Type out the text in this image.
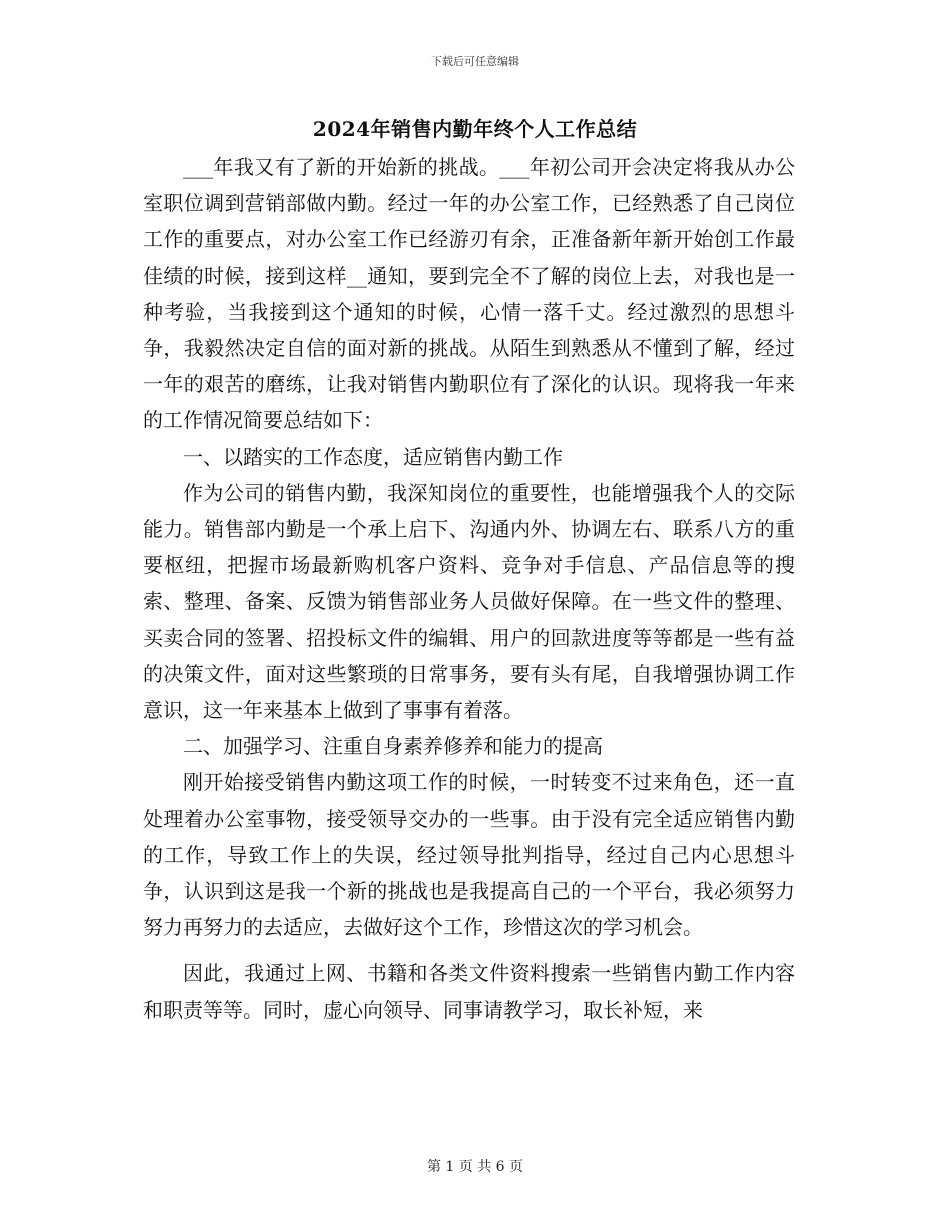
下载后可任意编辑
2024年销售内勤年终个人工作总结

___年我又有了新的开始新的挑战。___年初公司开会决定将我从办公室职位调到营销部做内勤。经过一年的办公室工作，已经熟悉了自己岗位工作的重要点，对办公室工作已经游刃有余，正准备新年新开始创工作最佳绩的时候，接到这样__通知，要到完全不了解的岗位上去，对我也是一种考验，当我接到这个通知的时候，心情一落千丈。经过激烈的思想斗争，我毅然决定自信的面对新的挑战。从陌生到熟悉从不懂到了解，经过一年的艰苦的磨练，让我对销售内勤职位有了深化的认识。现将我一年来的工作情况简要总结如下：

一、以踏实的工作态度，适应销售内勤工作

作为公司的销售内勤，我深知岗位的重要性，也能增强我个人的交际能力。销售部内勤是一个承上启下、沟通内外、协调左右、联系八方的重要枢纽，把握市场最新购机客户资料、竞争对手信息、产品信息等的搜索、整理、备案、反馈为销售部业务人员做好保障。在一些文件的整理、买卖合同的签署、招投标文件的编辑、用户的回款进度等等都是一些有益的决策文件，面对这些繁琐的日常事务，要有头有尾，自我增强协调工作意识，这一年来基本上做到了事事有着落。

二、加强学习、注重自身素养修养和能力的提高

刚开始接受销售内勤这项工作的时候，一时转变不过来角色，还一直处理着办公室事物，接受领导交办的一些事。由于没有完全适应销售内勤的工作，导致工作上的失误，经过领导批判指导，经过自己内心思想斗争，认识到这是我一个新的挑战也是我提高自己的一个平台，我必须努力努力再努力的去适应，去做好这个工作，珍惜这次的学习机会。

因此，我通过上网、书籍和各类文件资料搜索一些销售内勤工作内容和职责等等。同时，虚心向领导、同事请教学习，取长补短，来

第 1 页 共 6 页
